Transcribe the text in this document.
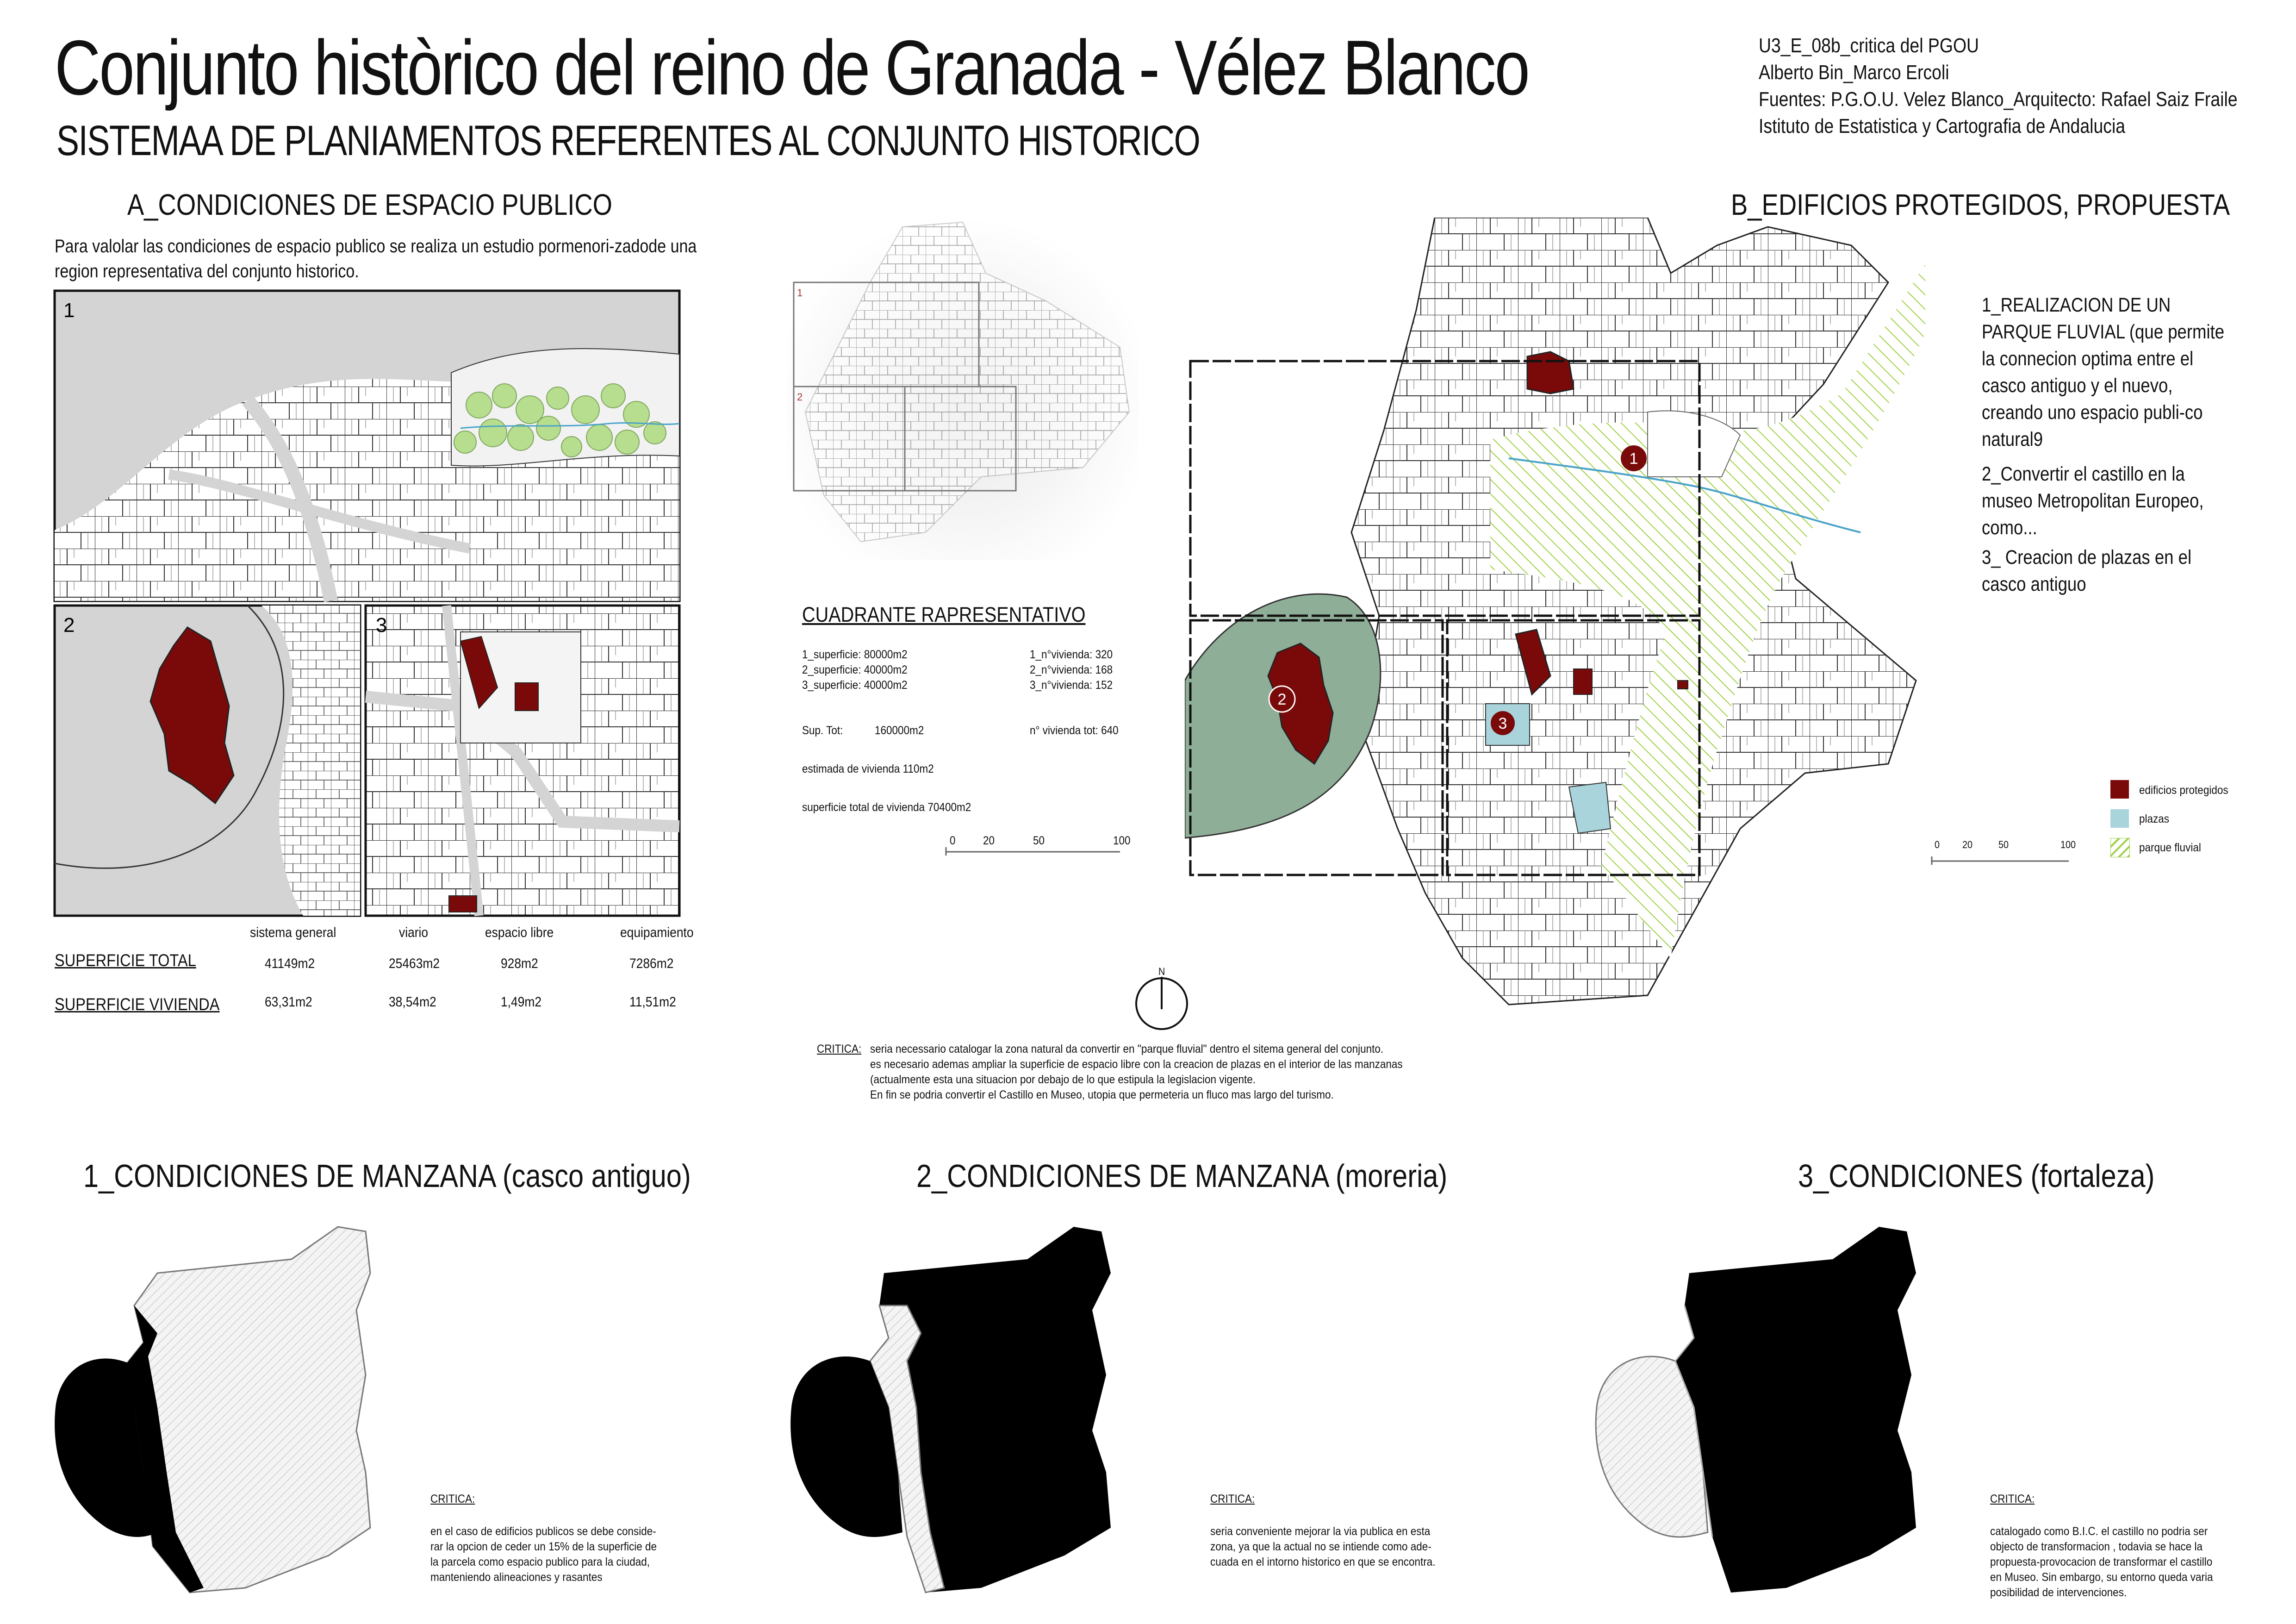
Conjunto històrico del reino de Granada - Vélez Blanco
SISTEMAA DE PLANIAMENTOS REFERENTES AL CONJUNTO HISTORICO
U3_E_08b_critica del PGOU
Alberto Bin_Marco Ercoli
Fuentes: P.G.O.U. Velez Blanco_Arquitecto: Rafael Saiz Fraile
Istituto de Estatistica y Cartografia de Andalucia
A_CONDICIONES DE ESPACIO PUBLICO
Para valolar las condiciones de espacio publico se realiza un estudio pormenori-zadode una region representativa del conjunto historico.
1
2	3
sistema general	viario	espacio libre	equipamiento
SUPERFICIE TOTAL	41149m2	25463m2	928m2	7286m2
SUPERFICIE VIVIENDA	63,31m2	38,54m2	1,49m2	11,51m2
1
2
CUADRANTE RAPRESENTATIVO
1_superficie: 80000m2
2_superficie: 40000m2
3_superficie: 40000m2
1_n°vivienda: 320
2_n°vivienda: 168
3_n°vivienda: 152
Sup. Tot:	160000m2	n° vivienda tot: 640
estimada de vivienda 110m2
superficie total de vivienda 70400m2
0 20	50	100
B_EDIFICIOS PROTEGIDOS, PROPUESTA
1
2
3
1_REALIZACION DE UN PARQUE FLUVIAL (que permite la connecion optima entre el casco antiguo y el nuevo, creando uno espacio publi-co natural9
2_Convertir el castillo en la museo Metropolitan Europeo, como...
3_ Creacion de plazas en el casco antiguo
edificios protegidos
plazas
parque fluvial
0 20	50	100
N
CRITICA: seria necessario catalogar la zona natural da convertir en "parque fluvial" dentro el sitema general del conjunto.
es necesario ademas ampliar la superficie de espacio libre con la creacion de plazas en el interior de las manzanas
(actualmente esta una situacion por debajo de lo que estipula la legislacion vigente.
En fin se podria convertir el Castillo en Museo, utopia que permeteria un fluco mas largo del turismo.
1_CONDICIONES DE MANZANA (casco antiguo)	2_CONDICIONES DE MANZANA (moreria)	3_CONDICIONES (fortaleza)
CRITICA:
en el caso de edificios publicos se debe conside-
rar la opcion de ceder un 15% de la superficie de
la parcela como espacio publico para la ciudad,
manteniendo alineaciones y rasantes
CRITICA:
seria conveniente mejorar la via publica en esta
zona, ya que la actual no se intiende como ade-
cuada en el intorno historico en que se encontra.
CRITICA:
catalogado como B.I.C. el castillo no podria ser
objecto de transformacion , todavia se hace la
propuesta-provocacion de transformar el castillo
en Museo. Sin embargo, su entorno queda varia
posibilidad de intervenciones.
